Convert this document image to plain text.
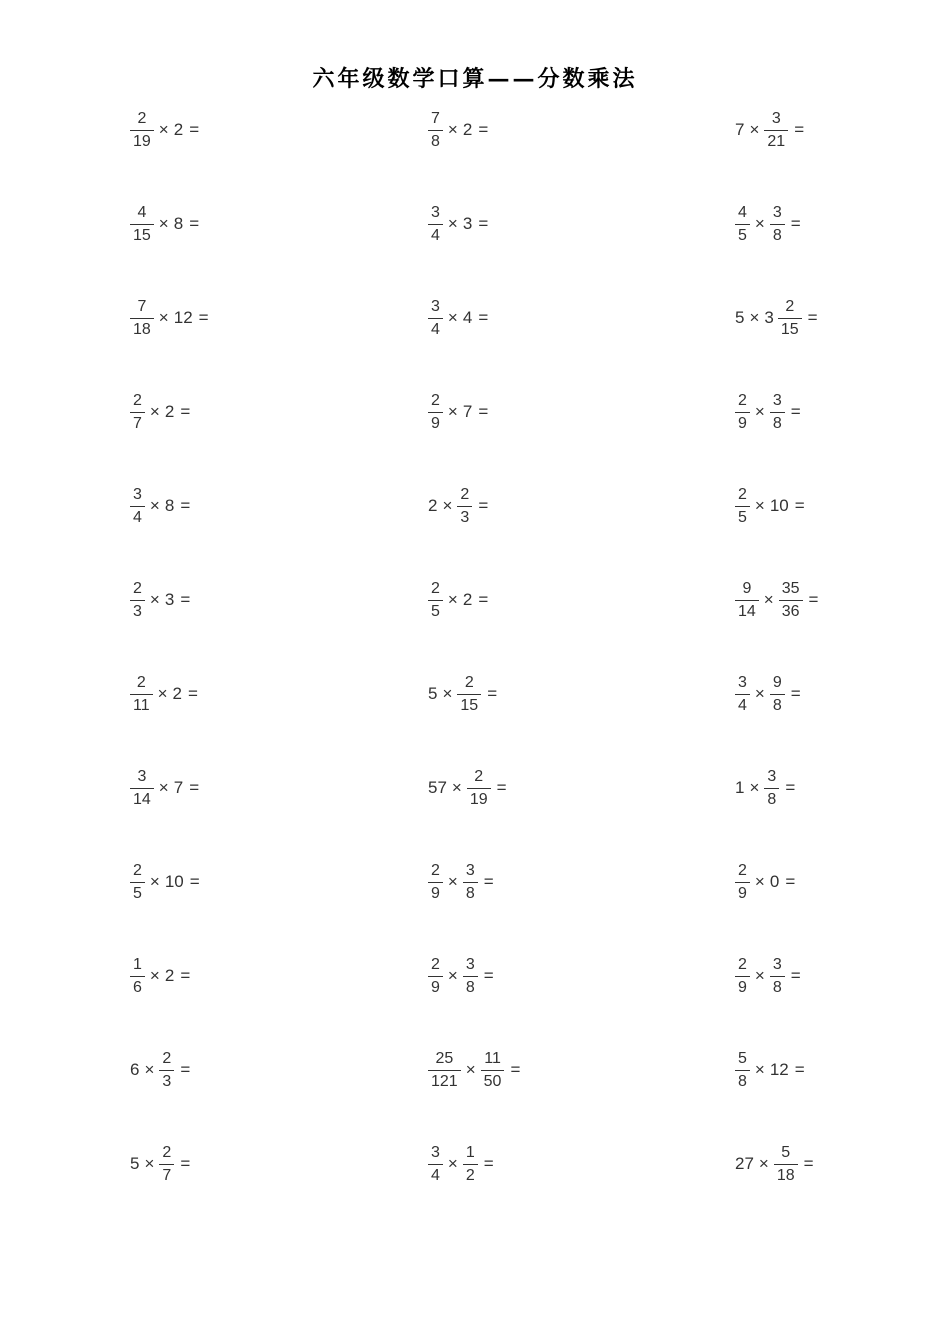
六年级数学口算——分数乘法
$\frac{2}{19} \times 2$ =	$\frac{7}{8} \times 2$ =	$7 \times \frac{3}{21}$ =
$\frac{4}{15} \times 8$ =	$\frac{3}{4} \times 3$ =	$\frac{4}{5} \times \frac{3}{8}$ =
$\frac{7}{18} \times 12$ =	$\frac{3}{4} \times 4$ =	$5 \times 3 \frac{2}{15}$ =
$\frac{2}{7} \times 2$ =	$\frac{2}{9} \times 7$ =	$\frac{2}{9} \times \frac{3}{8}$ =
$\frac{3}{4} \times 8$ =	$2 \times \frac{2}{3}$ =	$\frac{2}{5} \times 10$ =
$\frac{2}{3} \times 3$ =	$\frac{2}{5} \times 2$ =	$\frac{9}{14} \times \frac{35}{36}$ =
$\frac{2}{11} \times 2$ =	$5 \times \frac{2}{15}$ =	$\frac{3}{4} \times \frac{9}{8}$ =
$\frac{3}{14} \times 7$ =	$57 \times \frac{2}{19}$ =	$1 \times \frac{3}{8}$ =
$\frac{2}{5} \times 10$ =	$\frac{2}{9} \times \frac{3}{8}$ =	$\frac{2}{9} \times 0$ =
$\frac{1}{6} \times 2$ =	$\frac{2}{9} \times \frac{3}{8}$ =	$\frac{2}{9} \times \frac{3}{8}$ =
$6 \times \frac{2}{3}$ =	$\frac{25}{121} \times \frac{11}{50}$ =	$\frac{5}{8} \times 12$ =
$5 \times \frac{2}{7}$ =	$\frac{3}{4} \times \frac{1}{2}$ =	$27 \times \frac{5}{18}$ =
